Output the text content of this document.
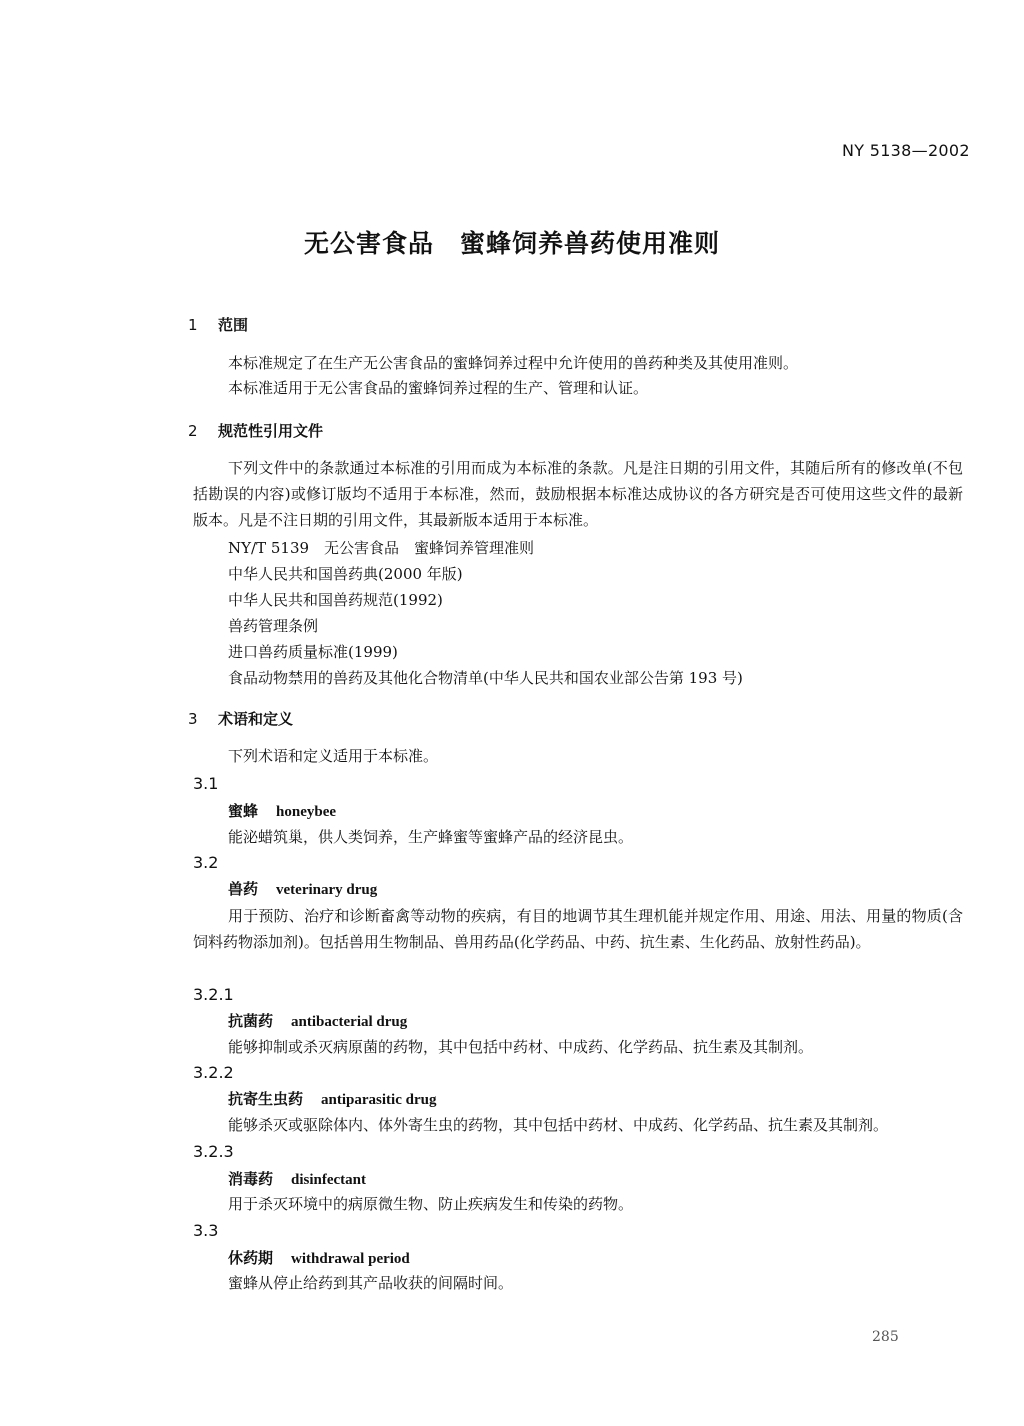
NY 5138—2002
无公害食品 蜜蜂饲养兽药使用准则
1 范围
本标准规定了在生产无公害食品的蜜蜂饲养过程中允许使用的兽药种类及其使用准则。
本标准适用于无公害食品的蜜蜂饲养过程的生产、管理和认证。
2 规范性引用文件
下列文件中的条款通过本标准的引用而成为本标准的条款。凡是注日期的引用文件，其随后所有的修改单(不包括勘误的内容)或修订版均不适用于本标准，然而，鼓励根据本标准达成协议的各方研究是否可使用这些文件的最新版本。凡是不注日期的引用文件，其最新版本适用于本标准。
NY/T 5139　无公害食品　蜜蜂饲养管理准则
中华人民共和国兽药典(2000 年版)
中华人民共和国兽药规范(1992)
兽药管理条例
进口兽药质量标准(1999)
食品动物禁用的兽药及其他化合物清单(中华人民共和国农业部公告第 193 号)
3 术语和定义
下列术语和定义适用于本标准。
3.1
蜜蜂 honeybee
能泌蜡筑巢，供人类饲养，生产蜂蜜等蜜蜂产品的经济昆虫。
3.2
兽药 veterinary drug
用于预防、治疗和诊断畜禽等动物的疾病，有目的地调节其生理机能并规定作用、用途、用法、用量的物质(含饲料药物添加剂)。包括兽用生物制品、兽用药品(化学药品、中药、抗生素、生化药品、放射性药品)。
3.2.1
抗菌药 antibacterial drug
能够抑制或杀灭病原菌的药物，其中包括中药材、中成药、化学药品、抗生素及其制剂。
3.2.2
抗寄生虫药 antiparasitic drug
能够杀灭或驱除体内、体外寄生虫的药物，其中包括中药材、中成药、化学药品、抗生素及其制剂。
3.2.3
消毒药 disinfectant
用于杀灭环境中的病原微生物、防止疾病发生和传染的药物。
3.3
休药期 withdrawal period
蜜蜂从停止给药到其产品收获的间隔时间。
285
